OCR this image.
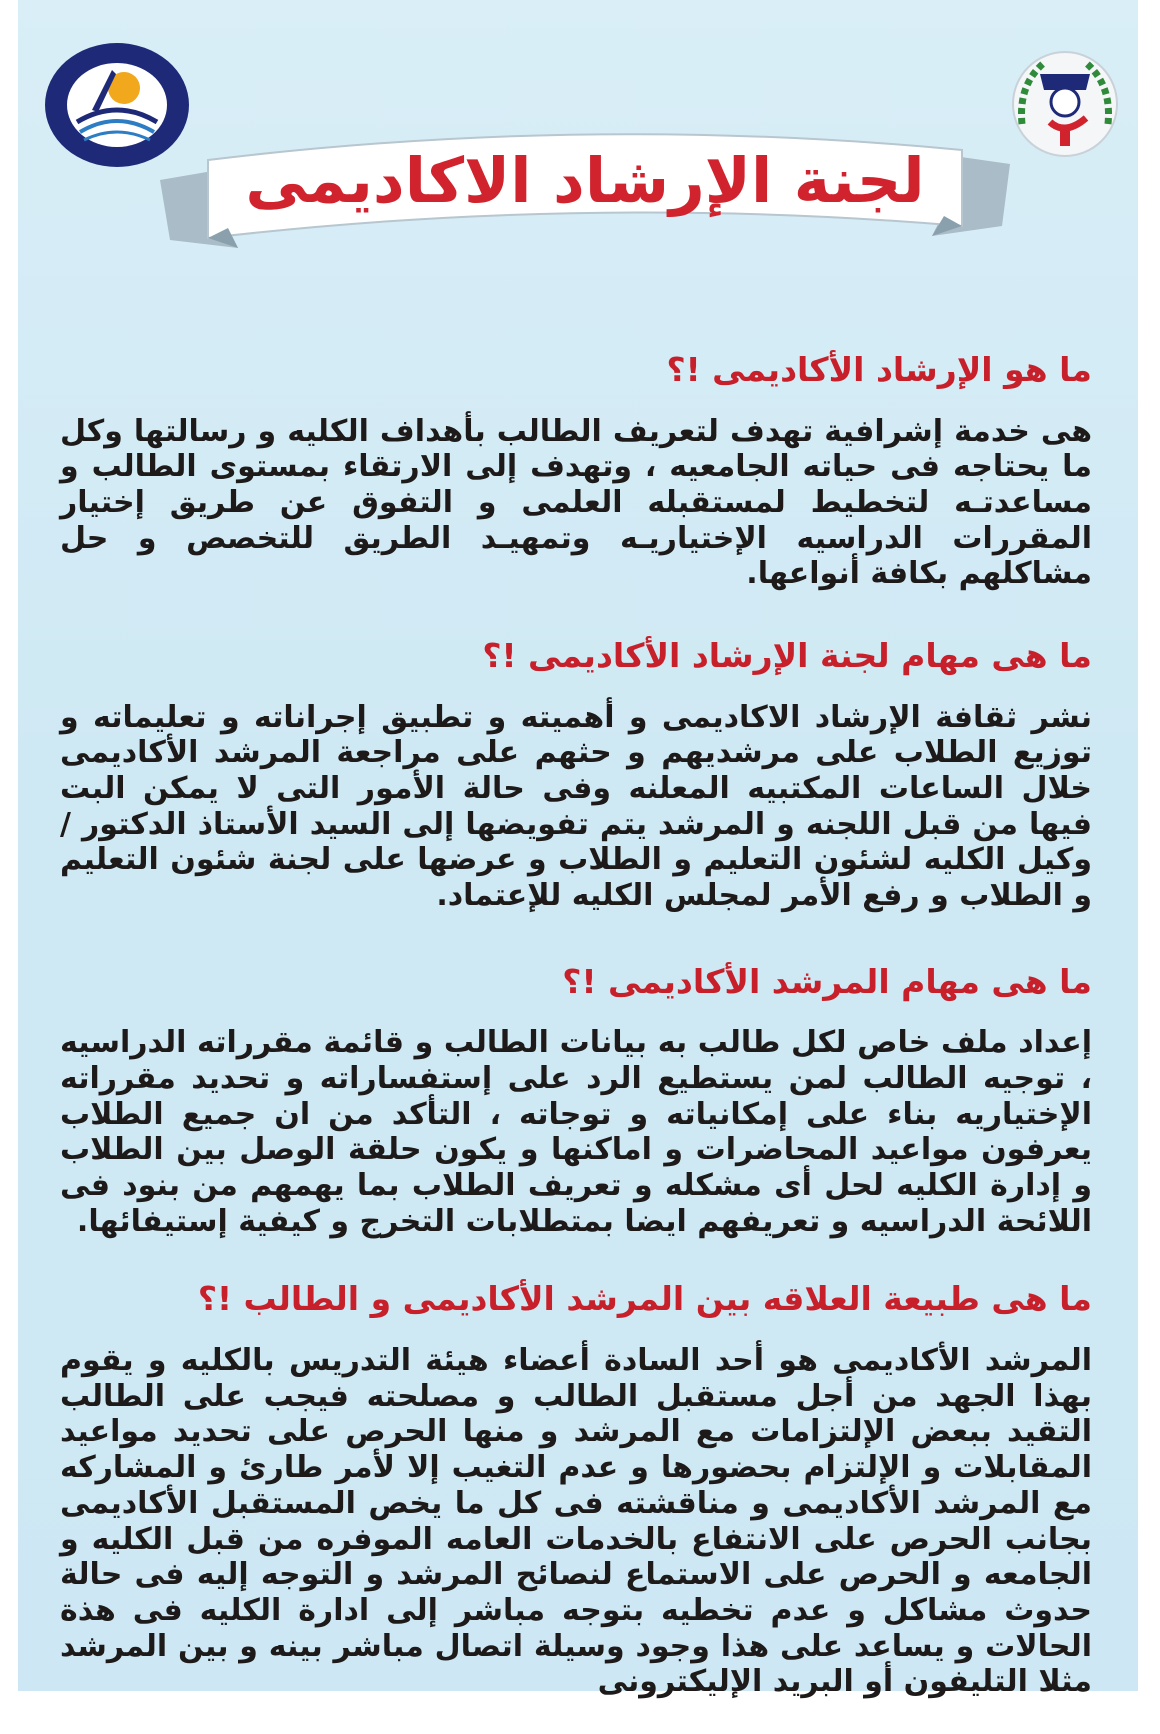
لجنة الإرشاد الاكاديمى
ما هو الإرشاد الأكاديمى !؟

هى خدمة إشرافية تهدف لتعريف الطالب بأهداف الكليه و رسالتها وكل ما يحتاجه فى حياته الجامعيه ، وتهدف إلى الارتقاء بمستوى الطالب و مساعدتـه لتخطيط لمستقبله العلمى و التفوق عن طريق إختيار المقررات الدراسيه الإختياريـه وتمهيـد الطريق للتخصص و حل مشاكلهم بكافة أنواعها.

ما هى مهام لجنة الإرشاد الأكاديمى !؟

نشر ثقافة الإرشاد الاكاديمى و أهميته و تطبيق إجراناته و تعليماته و توزيع الطلاب على مرشديهم و حثهم على مراجعة المرشد الأكاديمى خلال الساعات المكتبيه المعلنه وفى حالة الأمور التى لا يمكن البت فيها من قبل اللجنه و المرشد يتم تفويضها إلى السيد الأستاذ الدكتور / وكيل الكليه لشئون التعليم و الطلاب و عرضها على لجنة شئون التعليم و الطلاب و رفع الأمر لمجلس الكليه للإعتماد.

ما هى مهام المرشد الأكاديمى !؟

إعداد ملف خاص لكل طالب به بيانات الطالب و قائمة مقرراته الدراسيه ، توجيه الطالب لمن يستطيع الرد على إستفساراته و تحديد مقرراته الإختياريه بناء على إمكانياته و توجاته ، التأكد من ان جميع الطلاب يعرفون مواعيد المحاضرات و اماكنها و يكون حلقة الوصل بين الطلاب و إدارة الكليه لحل أى مشكله و تعريف الطلاب بما يهمهم من بنود فى اللائحة الدراسيه و تعريفهم ايضا بمتطلابات التخرج و كيفية إستيفائها.

ما هى طبيعة العلاقه بين المرشد الأكاديمى و الطالب !؟

المرشد الأكاديمى هو أحد السادة أعضاء هيئة التدريس بالكليه و يقوم بهذا الجهد من أجل مستقبل الطالب و مصلحته فيجب على الطالب التقيد ببعض الإلتزامات مع المرشد و منها الحرص على تحديد مواعيد المقابلات و الإلتزام بحضورها و عدم التغيب إلا لأمر طارئ و المشاركه مع المرشد الأكاديمى و مناقشته فى كل ما يخص المستقبل الأكاديمى بجانب الحرص على الانتفاع بالخدمات العامه الموفره من قبل الكليه و الجامعه و الحرص على الاستماع لنصائح المرشد و التوجه إليه فى حالة حدوث مشاكل و عدم تخطيه بتوجه مباشر إلى ادارة الكليه فى هذة الحالات و يساعد على هذا وجود وسيلة اتصال مباشر بينه و بين المرشد مثلا التليفون أو البريد الإليكترونى
